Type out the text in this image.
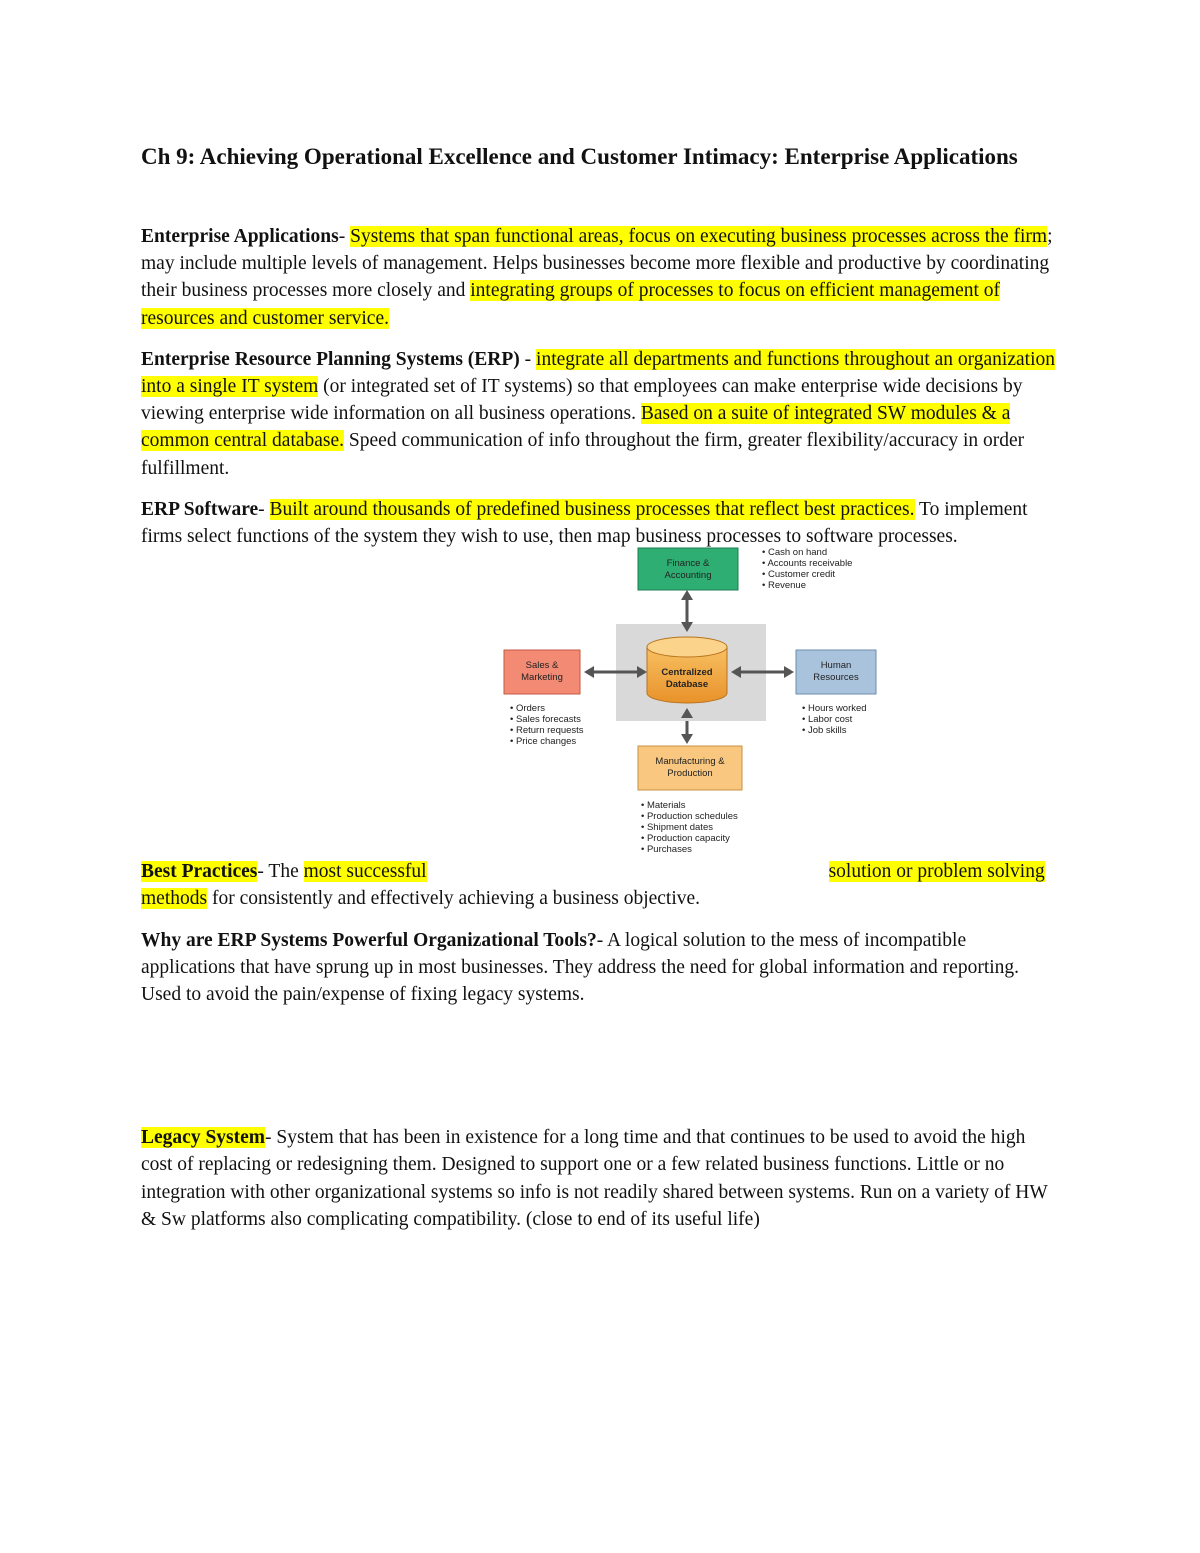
Ch 9: Achieving Operational Excellence and Customer Intimacy: Enterprise Applications

Enterprise Applications- Systems that span functional areas, focus on executing business processes across the firm; may include multiple levels of management. Helps businesses become more flexible and productive by coordinating their business processes more closely and integrating groups of processes to focus on efficient management of resources and customer service.

Enterprise Resource Planning Systems (ERP) - integrate all departments and functions throughout an organization into a single IT system (or integrated set of IT systems) so that employees can make enterprise wide decisions by viewing enterprise wide information on all business operations. Based on a suite of integrated SW modules & a common central database. Speed communication of info throughout the firm, greater flexibility/accuracy in order fulfillment.

ERP Software- Built around thousands of predefined business processes that reflect best practices. To implement firms select functions of the system they wish to use, then map business processes to software processes.

Centralized
Database
Finance &
Accounting
• Cash on hand
• Accounts receivable
• Customer credit
• Revenue
Sales &
Marketing
• Orders
• Sales forecasts
• Return requests
• Price changes
Human
Resources
• Hours worked
• Labor cost
• Job skills
Manufacturing &
Production
• Materials
• Production schedules
• Shipment dates
• Production capacity
• Purchases

Best Practices- The most successful	solution or problem solving methods for consistently and effectively achieving a business objective.

Why are ERP Systems Powerful Organizational Tools?- A logical solution to the mess of incompatible applications that have sprung up in most businesses. They address the need for global information and reporting. Used to avoid the pain/expense of fixing legacy systems.

Legacy System- System that has been in existence for a long time and that continues to be used to avoid the high cost of replacing or redesigning them. Designed to support one or a few related business functions. Little or no integration with other organizational systems so info is not readily shared between systems. Run on a variety of HW & Sw platforms also complicating compatibility. (close to end of its useful life)
